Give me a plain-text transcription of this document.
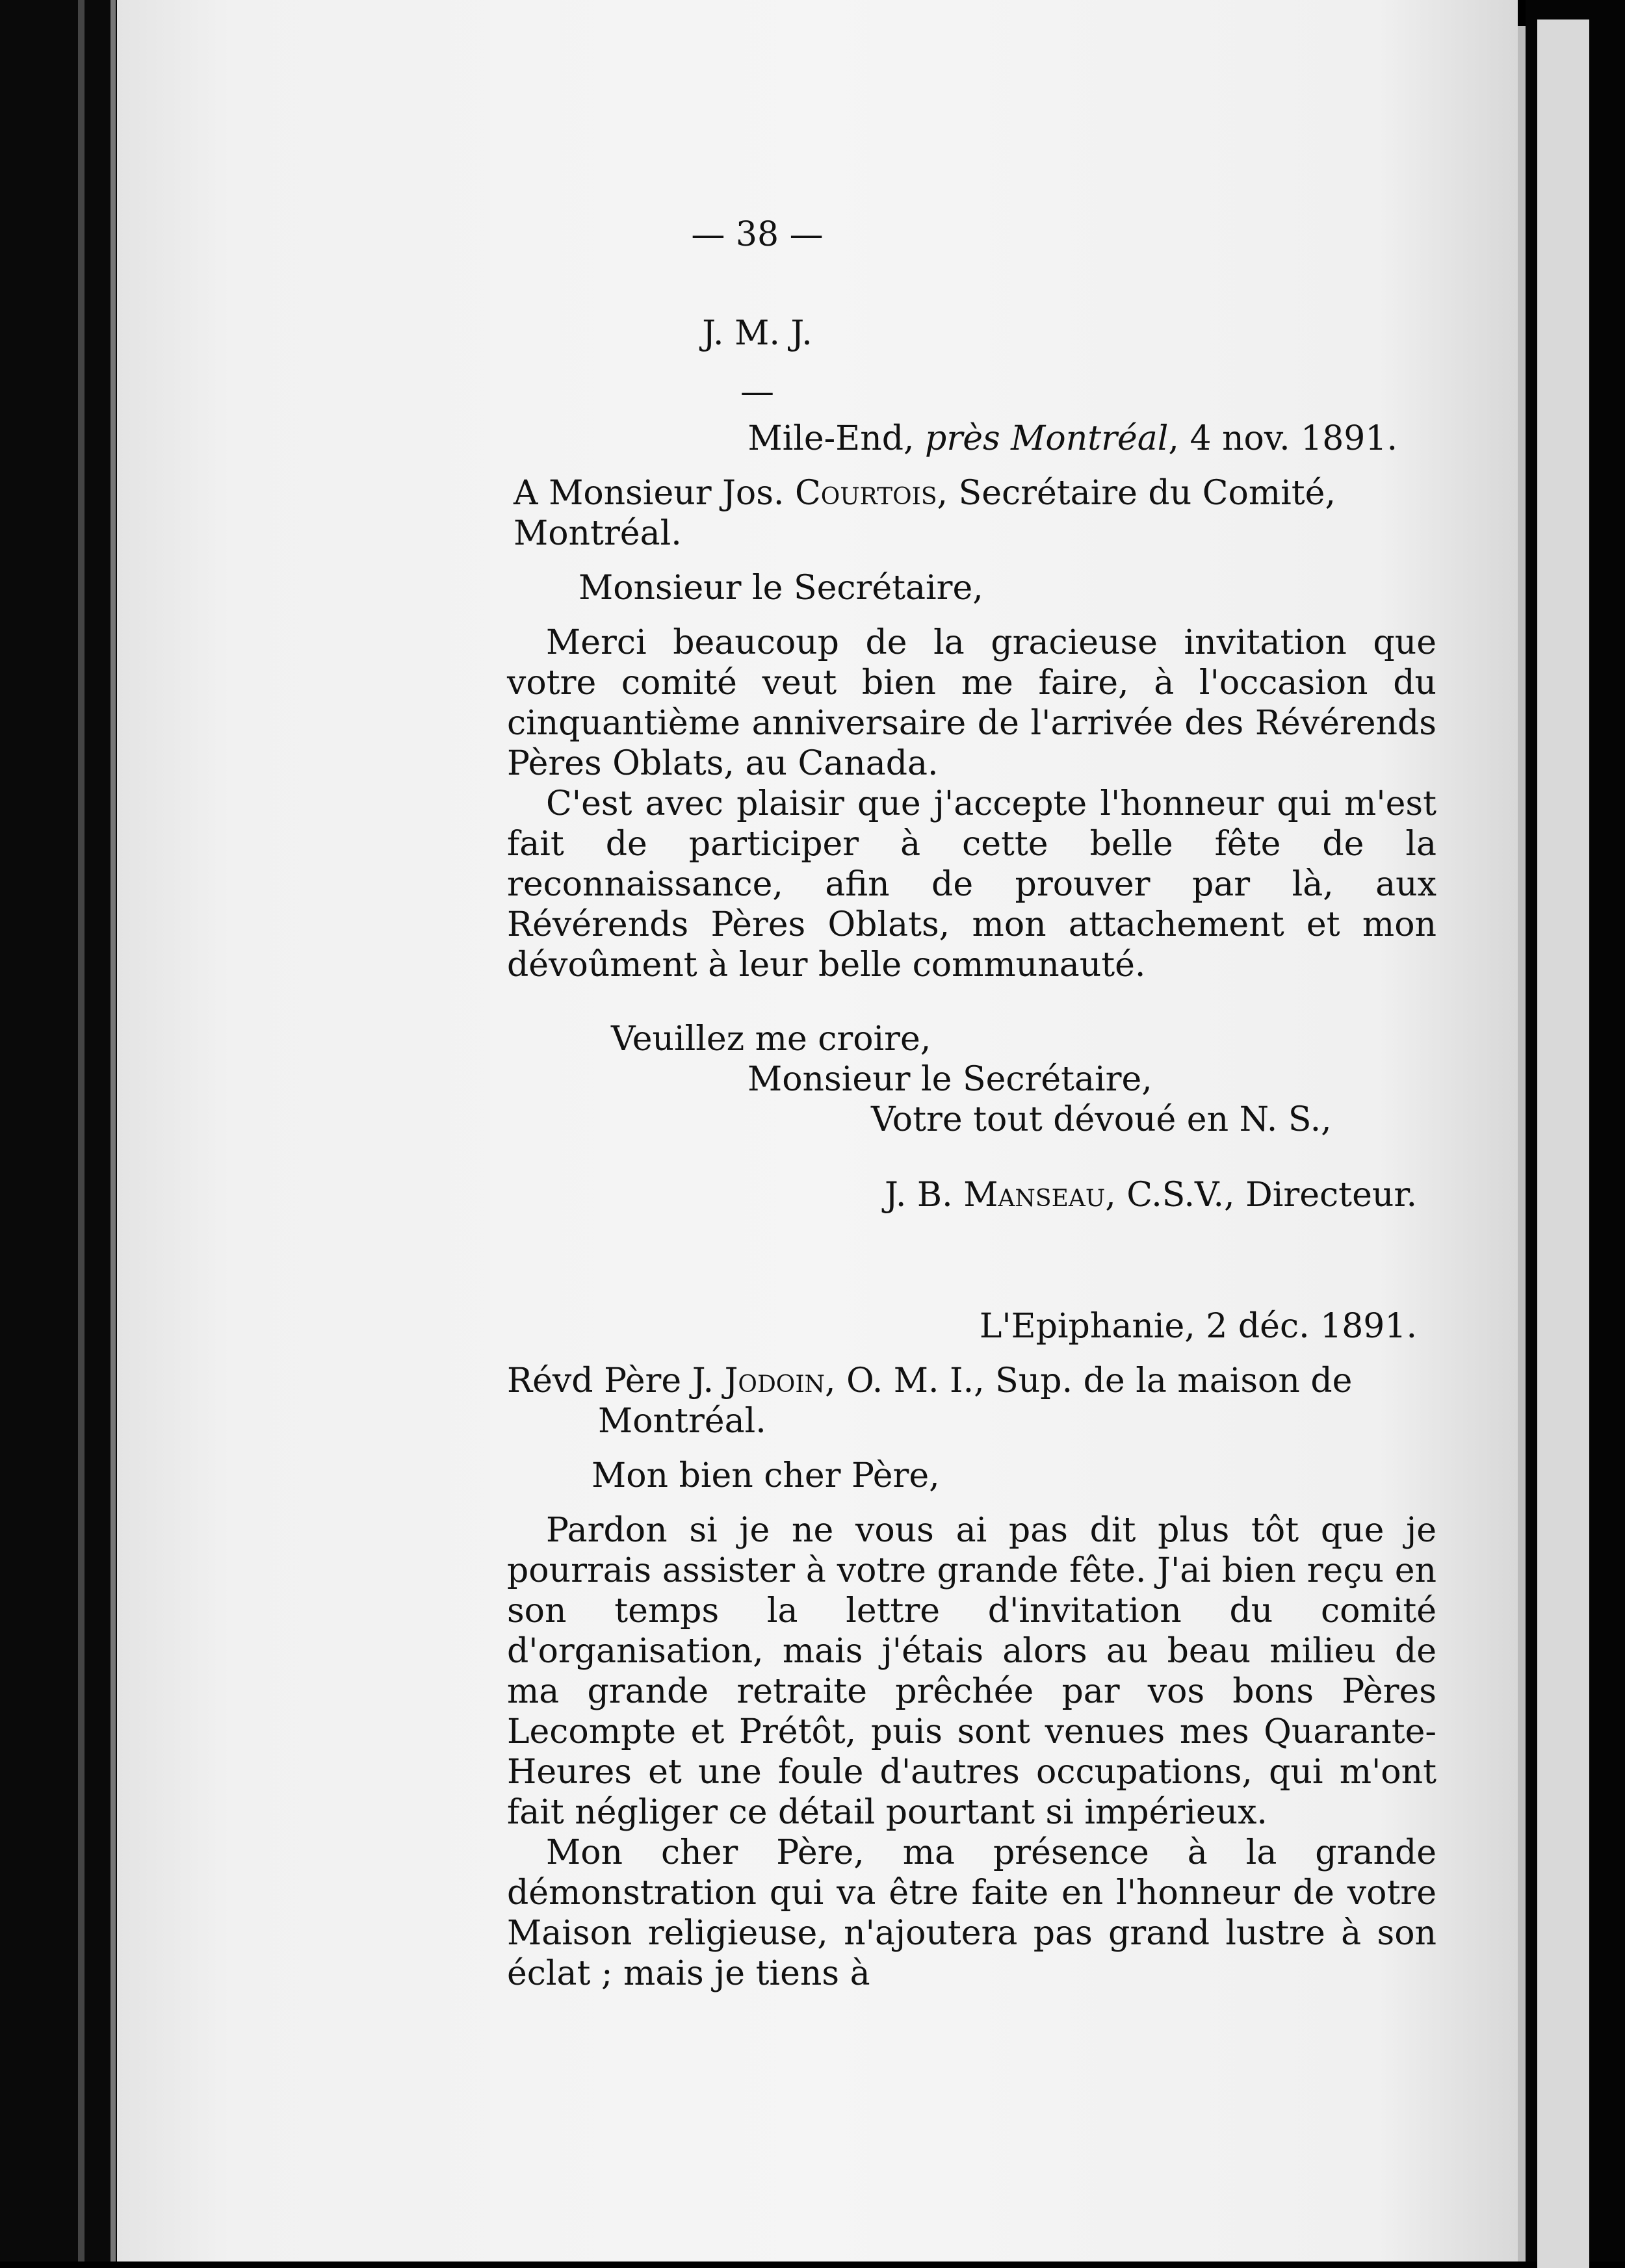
— 38 —
J. M. J.
—
Mile-End, près Montréal, 4 nov. 1891.
A Monsieur Jos. Courtois, Secrétaire du Comité, Montréal.
Monsieur le Secrétaire,

Merci beaucoup de la gracieuse invitation que votre comité veut bien me faire, à l'occasion du cinquantième anniversaire de l'arrivée des Révérends Pères Oblats, au Canada.

C'est avec plaisir que j'accepte l'honneur qui m'est fait de participer à cette belle fête de la reconnaissance, afin de prouver par là, aux Révérends Pères Oblats, mon attachement et mon dévoûment à leur belle communauté.

Veuillez me croire,
Monsieur le Secrétaire,
Votre tout dévoué en N. S.,
J. B. Manseau, C.S.V., Directeur.
L'Epiphanie, 2 déc. 1891.
Révd Père J. Jodoin, O. M. I., Sup. de la maison de
Montréal.
Mon bien cher Père,

Pardon si je ne vous ai pas dit plus tôt que je pourrais assister à votre grande fête. J'ai bien reçu en son temps la lettre d'invitation du comité d'organisation, mais j'étais alors au beau milieu de ma grande retraite prêchée par vos bons Pères Lecompte et Prétôt, puis sont venues mes Quarante-Heures et une foule d'autres occupations, qui m'ont fait négliger ce détail pourtant si impérieux.

Mon cher Père, ma présence à la grande démonstration qui va être faite en l'honneur de votre Maison religieuse, n'ajoutera pas grand lustre à son éclat ; mais je tiens à
